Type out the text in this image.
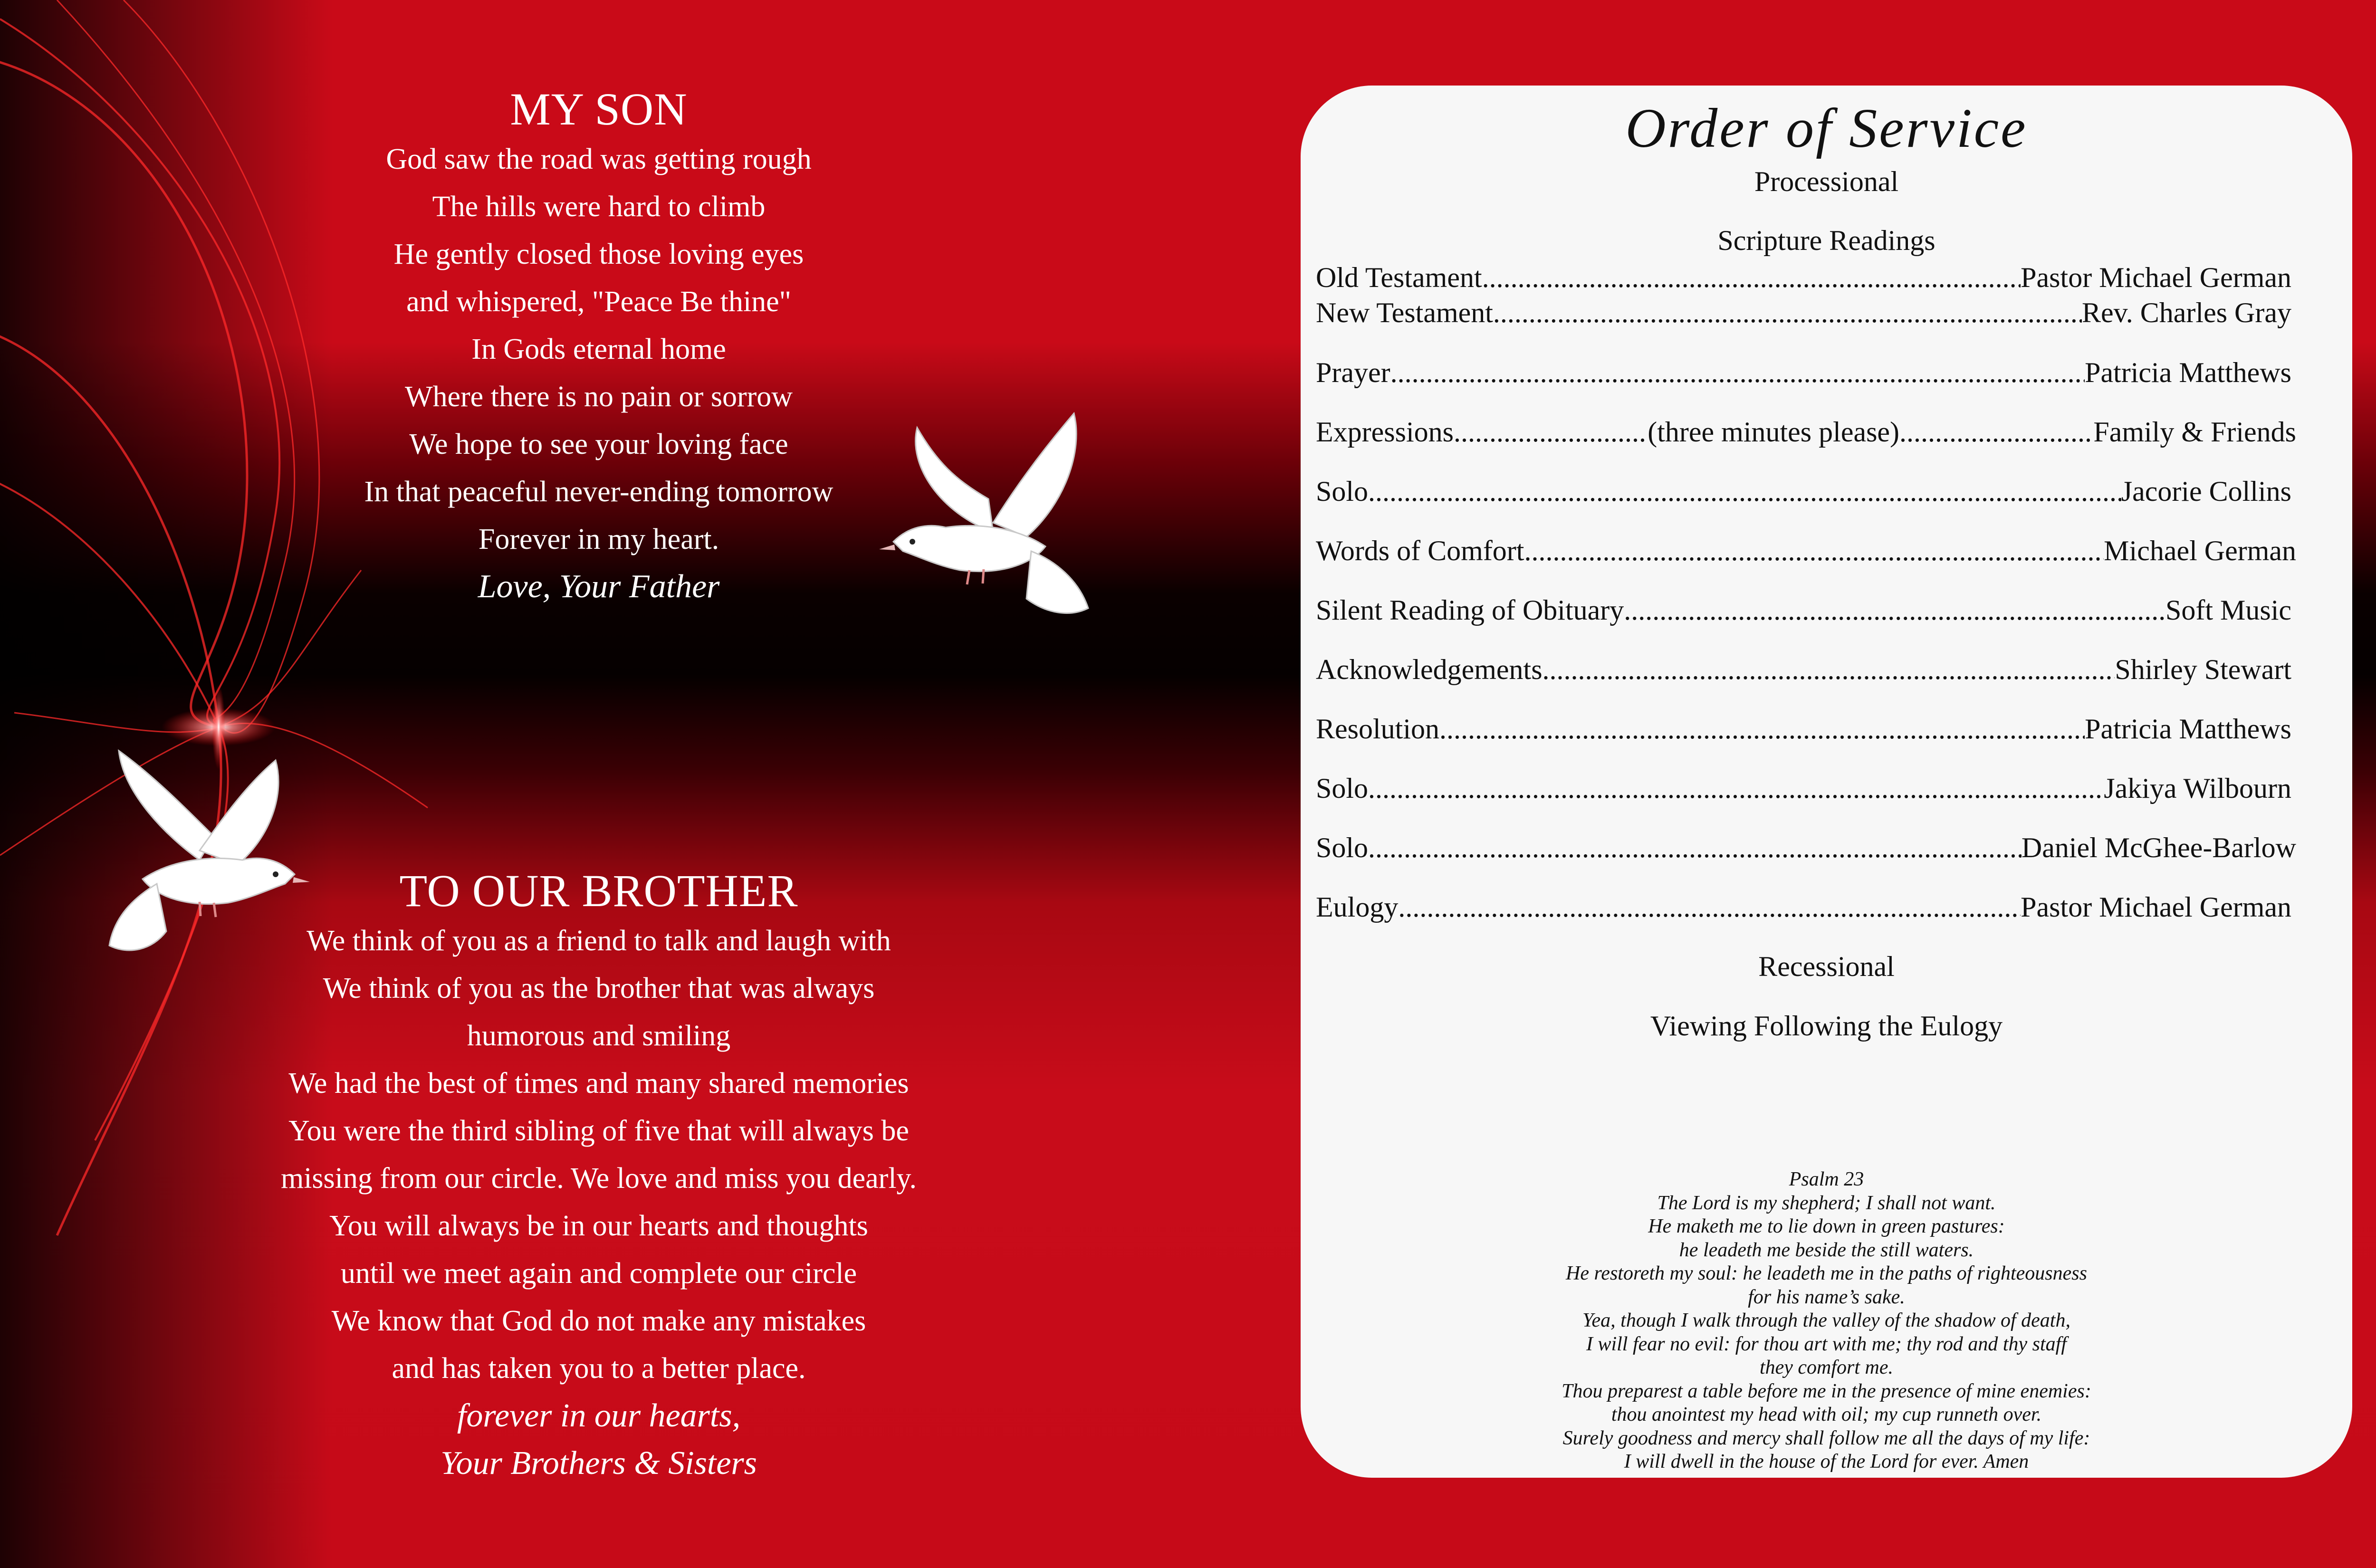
MY SON
God saw the road was getting rough
The hills were hard to climb
He gently closed those loving eyes
and whispered, "Peace Be thine"
In Gods eternal home
Where there is no pain or sorrow
We hope to see your loving face
In that peaceful never-ending tomorrow
Forever in my heart.
Love, Your Father
TO OUR BROTHER
We think of you as a friend to talk and laugh with
We think of you as the brother that was always
humorous and smiling
We had the best of times and many shared memories
You were the third sibling of five that will always be
missing from our circle. We love and miss you dearly.
You will always be in our hearts and thoughts
until we meet again and complete our circle
We know that God do not make any mistakes
and has taken you to a better place.
forever in our hearts,
Your Brothers & Sisters
Order of Service
Processional
Scripture Readings
Old Testament .....	Pastor Michael German
New Testament .....	Rev. Charles Gray
Prayer .....	Patricia Matthews
Expressions .....	(three minutes please) .....	Family & Friends
Solo .....	Jacorie Collins
Words of Comfort .....	Michael German
Silent Reading of Obituary .....	Soft Music
Acknowledgements .....	Shirley Stewart
Resolution .....	Patricia Matthews
Solo .....	Jakiya Wilbourn
Solo .....	Daniel McGhee-Barlow
Eulogy .....	Pastor Michael German
Recessional
Viewing Following the Eulogy
Psalm 23
The Lord is my shepherd; I shall not want.
He maketh me to lie down in green pastures:
he leadeth me beside the still waters.
He restoreth my soul: he leadeth me in the paths of righteousness
for his name’s sake.
Yea, though I walk through the valley of the shadow of death,
I will fear no evil: for thou art with me; thy rod and thy staff
they comfort me.
Thou preparest a table before me in the presence of mine enemies:
thou anointest my head with oil; my cup runneth over.
Surely goodness and mercy shall follow me all the days of my life:
I will dwell in the house of the Lord for ever. Amen
